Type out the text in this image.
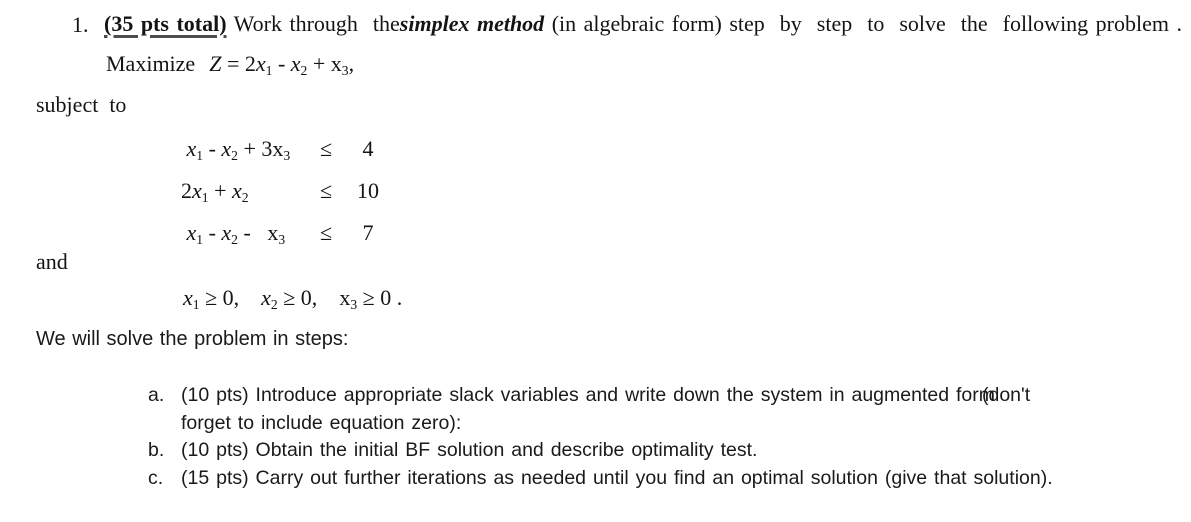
1. (35 pts total) Work through  thesimplex method (in algebraic form) step  by  step  to  solve  the  following problem .
Maximize Z = 2x1 - x2 + x3,
subject  to
x1 - x2 + 3x3	≤	4
2x1 + x2	≤	10
x1 - x2 -   x3	≤	7
and
x1 ≥ 0,    x2 ≥ 0,    x3 ≥ 0 .
We will solve the problem in steps:
a. (10 pts) Introduce appropriate slack variables and write down the system in augmented form(don't
forget to include equation zero):
b. (10 pts) Obtain the initial BF solution and describe optimality test.
c. (15 pts) Carry out further iterations as needed until you find an optimal solution (give that solution).
